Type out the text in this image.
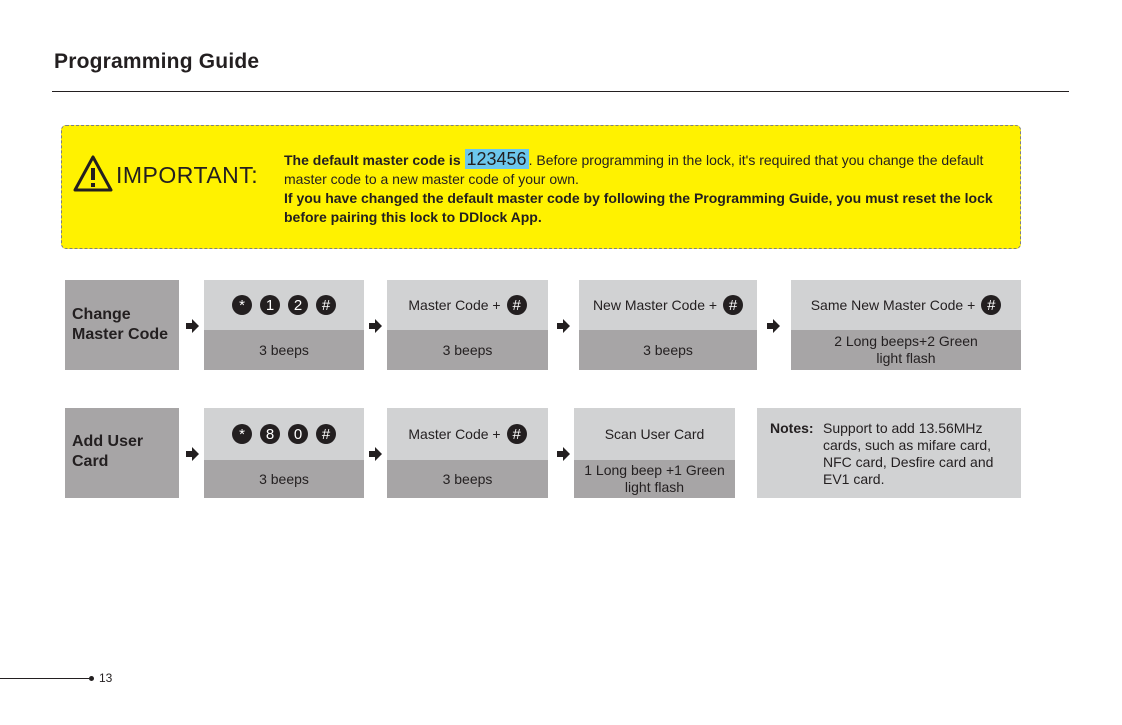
Programming Guide
IMPORTANT:
The default master code is 123456 . Before programming in the lock, it's required that you change the default master code to a new master code of your own.
If you have changed the default master code by following the Programming Guide, you must reset the lock before pairing this lock to DDlock App.
Change
Master Code
*	1	2	#
3 beeps
Master Code + #
3 beeps
New Master Code + #
3 beeps
Same New Master Code + #
2 Long beeps+2 Green light flash
Add User
Card
*	8	0	#
3 beeps
Master Code + #
3 beeps
Scan User Card
1 Long beep +1 Green light flash
Notes: Support to add 13.56MHz cards, such as mifare card, NFC card, Desfire card and EV1 card.
13
